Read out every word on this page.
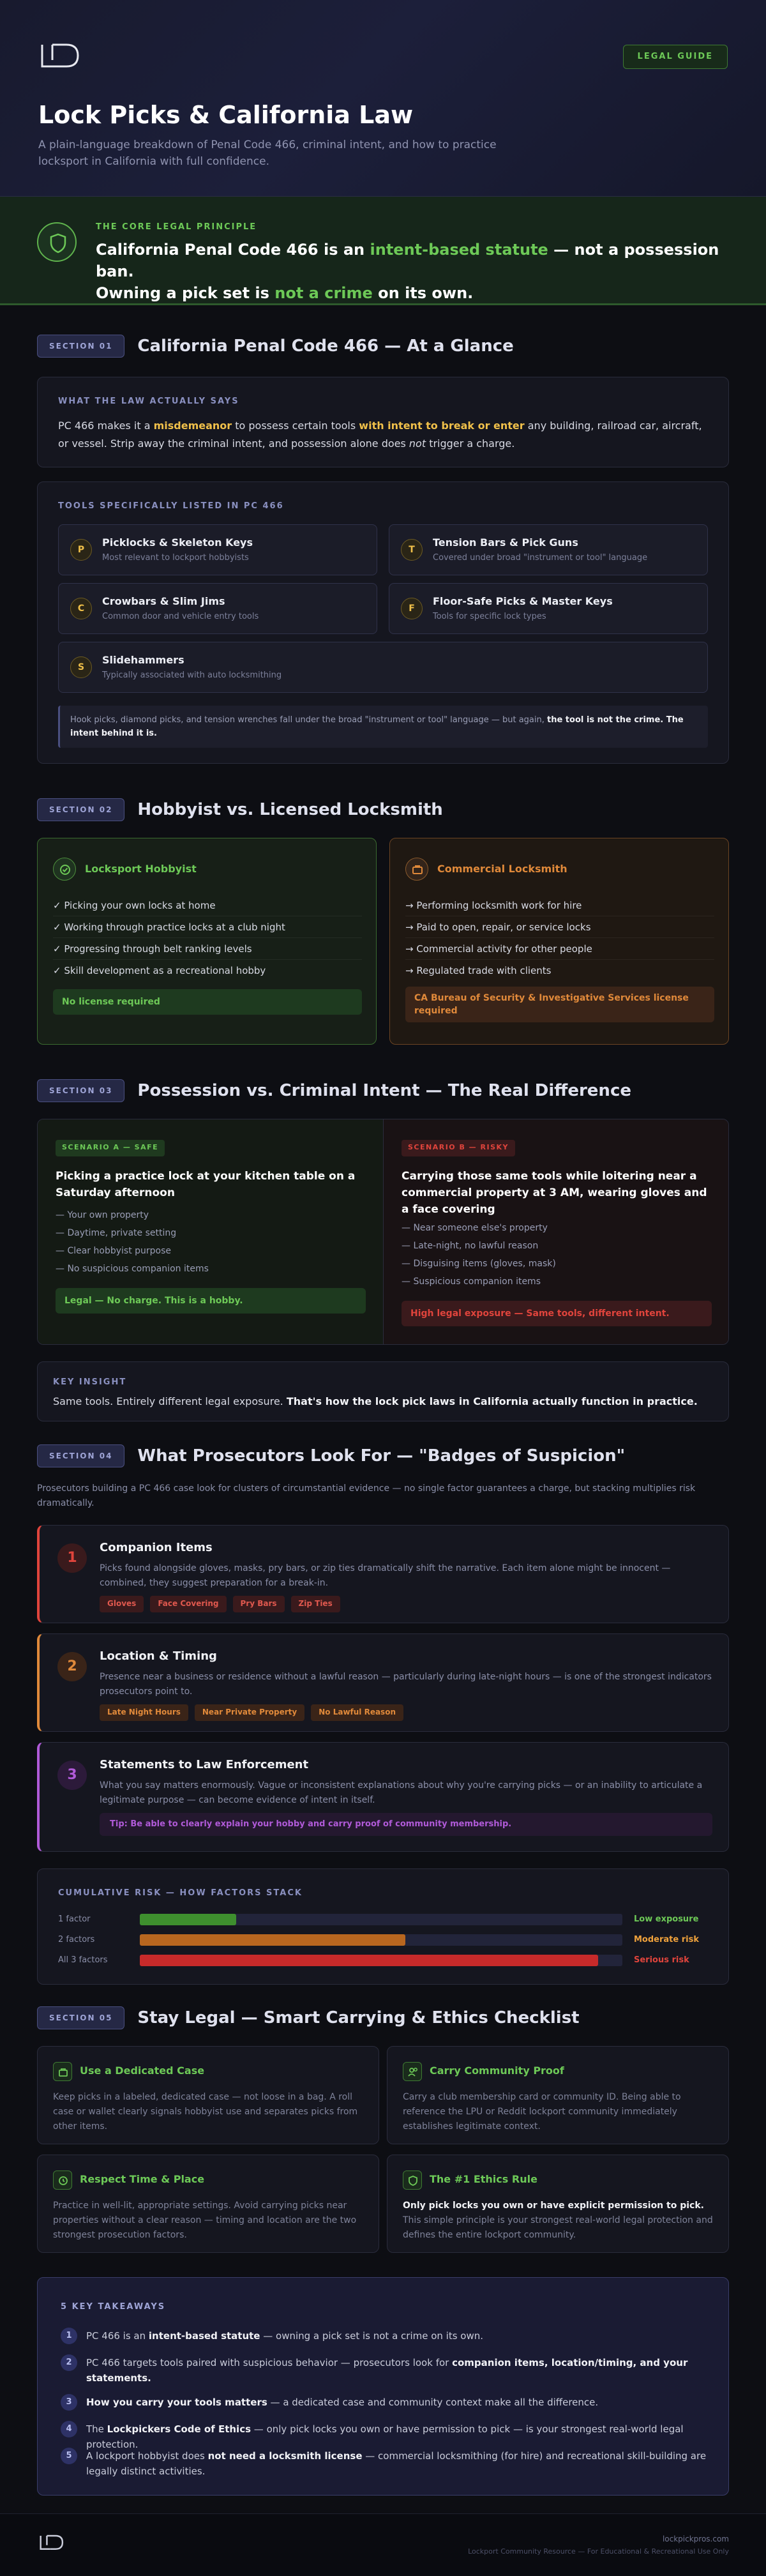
LEGAL GUIDE
Lock Picks & California Law
A plain-language breakdown of Penal Code 466, criminal intent, and how to practice locksport in California with full confidence.
THE CORE LEGAL PRINCIPLE
California Penal Code 466 is an intent-based statute — not a possession ban.
Owning a pick set is not a crime on its own.
SECTION 01	California Penal Code 466 — At a Glance
WHAT THE LAW ACTUALLY SAYS
PC 466 makes it a misdemeanor to possess certain tools with intent to break or enter any building, railroad car, aircraft, or vessel. Strip away the criminal intent, and possession alone does not trigger a charge.
TOOLS SPECIFICALLY LISTED IN PC 466
P
Picklocks & Skeleton Keys
Most relevant to lockport hobbyists
T
Tension Bars & Pick Guns
Covered under broad "instrument or tool" language
C
Crowbars & Slim Jims
Common door and vehicle entry tools
F
Floor-Safe Picks & Master Keys
Tools for specific lock types
S
Slidehammers
Typically associated with auto locksmithing
Hook picks, diamond picks, and tension wrenches fall under the broad "instrument or tool" language — but again, the tool is not the crime. The intent behind it is.
SECTION 02	Hobbyist vs. Licensed Locksmith
Locksport Hobbyist
✓ Picking your own locks at home
✓ Working through practice locks at a club night
✓ Progressing through belt ranking levels
✓ Skill development as a recreational hobby
No license required
Commercial Locksmith
→ Performing locksmith work for hire
→ Paid to open, repair, or service locks
→ Commercial activity for other people
→ Regulated trade with clients
CA Bureau of Security & Investigative Services license required
SECTION 03	Possession vs. Criminal Intent — The Real Difference
SCENARIO A — SAFE
Picking a practice lock at your kitchen table on a Saturday afternoon
— Your own property
— Daytime, private setting
— Clear hobbyist purpose
— No suspicious companion items
Legal — No charge. This is a hobby.
SCENARIO B — RISKY
Carrying those same tools while loitering near a commercial property at 3 AM, wearing gloves and a face covering
— Near someone else's property
— Late-night, no lawful reason
— Disguising items (gloves, mask)
— Suspicious companion items
High legal exposure — Same tools, different intent.
KEY INSIGHT
Same tools. Entirely different legal exposure. That's how the lock pick laws in California actually function in practice.
SECTION 04	What Prosecutors Look For — "Badges of Suspicion"
Prosecutors building a PC 466 case look for clusters of circumstantial evidence — no single factor guarantees a charge, but stacking multiplies risk dramatically.
1
Companion Items
Picks found alongside gloves, masks, pry bars, or zip ties dramatically shift the narrative. Each item alone might be innocent — combined, they suggest preparation for a break-in.
Gloves	Face Covering	Pry Bars	Zip Ties
2
Location & Timing
Presence near a business or residence without a lawful reason — particularly during late-night hours — is one of the strongest indicators prosecutors point to.
Late Night Hours	Near Private Property	No Lawful Reason
3
Statements to Law Enforcement
What you say matters enormously. Vague or inconsistent explanations about why you're carrying picks — or an inability to articulate a legitimate purpose — can become evidence of intent in itself.
Tip: Be able to clearly explain your hobby and carry proof of community membership.
CUMULATIVE RISK — HOW FACTORS STACK
1 factor	Low exposure
2 factors	Moderate risk
All 3 factors	Serious risk
SECTION 05	Stay Legal — Smart Carrying & Ethics Checklist
Use a Dedicated Case
Keep picks in a labeled, dedicated case — not loose in a bag. A roll case or wallet clearly signals hobbyist use and separates picks from other items.
Carry Community Proof
Carry a club membership card or community ID. Being able to reference the LPU or Reddit lockport community immediately establishes legitimate context.
Respect Time & Place
Practice in well-lit, appropriate settings. Avoid carrying picks near properties without a clear reason — timing and location are the two strongest prosecution factors.
The #1 Ethics Rule
Only pick locks you own or have explicit permission to pick. This simple principle is your strongest real-world legal protection and defines the entire lockport community.
5 KEY TAKEAWAYS
1	PC 466 is an intent-based statute — owning a pick set is not a crime on its own.
2	PC 466 targets tools paired with suspicious behavior — prosecutors look for companion items, location/timing, and your statements.
3	How you carry your tools matters — a dedicated case and community context make all the difference.
4	The Lockpickers Code of Ethics — only pick locks you own or have permission to pick — is your strongest real-world legal protection.
5	A lockport hobbyist does not need a locksmith license — commercial locksmithing (for hire) and recreational skill-building are legally distinct activities.
lockpickpros.com
Lockport Community Resource — For Educational & Recreational Use Only
